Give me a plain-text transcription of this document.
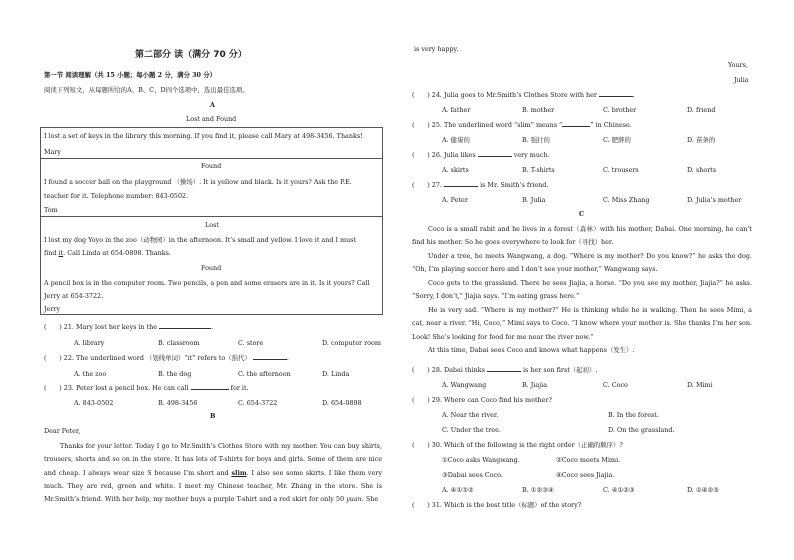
第二部分 读（满分 70 分）
第一节 阅读理解（共 15 小题；每小题 2 分，满分 30 分）
阅读下列短文，从每题所给的A、B、C、D四个选项中，选出最佳选项。
A
Lost and Found
I lost a set of keys in the library this morning. If you find it, please call Mary at 498-3456. Thanks!
Mary
Found
I found a soccer ball on the playground （操场）. It is yellow and black. Is it yours? Ask the P.E.
teacher for it. Telephone number: 843-0502.
Tom
Lost
I lost my dog Yoyo in the zoo（动物园）in the afternoon. It’s small and yellow. I love it and I must
find it. Call Linda at 654-0898. Thanks.
Found
A pencil box is in the computer room. Two pencils, a pen and some erasers are in it. Is it yours? Call
Jerry at 654-3722.
Jerry
(　　) 21. Mary lost her keys in the	.
A. library	B. classroom	C. store	D. computer room
(　　) 22. The underlined word （划线单词）“it” refers to（指代）	.
A. the zoo	B. the dog	C. the afternoon	D. Linda
(　　) 23. Peter lost a pencil box. He can call	for it.
A. 843-0502	B. 498-3456	C. 654-3722	D. 654-0898
B
Dear Peter,
Thanks for your letter. Today I go to Mr.Smith’s Clothes Store with my mother. You can buy shirts, trousers, shorts and so on in the store. It has lots of T-shirts for boys and girls. Some of them are nice and cheap. I always wear size S because I’m short and slim. I also see some skirts. I like them very much. They are red, green and white. I meet my Chinese teacher, Mr. Zhang in the store. She is Mr.Smith’s friend. With her help, my mother buys a purple T-shirt and a red skirt for only 50 yuan. She
is very happy.
Yours,
Julia
(　　) 24. Julia goes to Mr.Smith’s Clothes Store with her	.
A. father	B. mother	C. brother	D. friend
(　　) 25. The underlined word “slim” means “	” in Chinese.
A. 健康的	B. 强壮的	C. 肥胖的	D. 苗条的
(　　) 26. Julia likes	very much.
A. skirts	B. T-shirts	C. trousers	D. shorts
(　　) 27.	is Mr. Smith’s friend.
A. Peter	B. Julia	C. Miss Zhang	D. Julia’s mother
C
Coco is a small rabit and he lives in a forest（森林）with his mother, Dabai. One morning, he can’t find his mother. So he goes everywhere to look for（寻找）her.
Under a tree, he meets Wangwang, a dog. “Where is my mother? Do you know?” he asks the dog. “Oh, I’m playing soccer here and I don’t see your mother,” Wangwang says.
Coco gets to the grassland. There he sees Jiajia, a horse. “Do you see my mother, Jiajia?” he asks. “Sorry, I don’t,” Jiajia says. “I’m eating grass here.”
He is very sad. “Where is my mother?” He is thinking while he is walking. Then he sees Mimi, a cat, near a river. “Hi, Coco,” Mimi says to Coco. “I know where your mother is. She thanks I’m her son. Look! She’s looking for food for me near the river now.”
At this time, Dabai sees Coco and knows what happens（发生）.
(　　) 28. Dabai thinks	is her son first（起初）.
A. Wangwang	B. Jiajia	C. Coco	D. Mimi
(　　) 29. Where can Coco find his mother?
A. Near the river.	B. In the forest.
C. Under the tree.	D. On the grassland.
(　　) 30. Which of the following is the right order（正确的顺序）?
①Coco asks Wangwang.	②Coco meets Mimi.
③Dabai sees Coco.	④Coco sees Jiajia.
A. ④①③②	B. ①②③④	C. ④①②③	D. ①④②③
(　　) 31. Which is the best title（标题）of the story?
